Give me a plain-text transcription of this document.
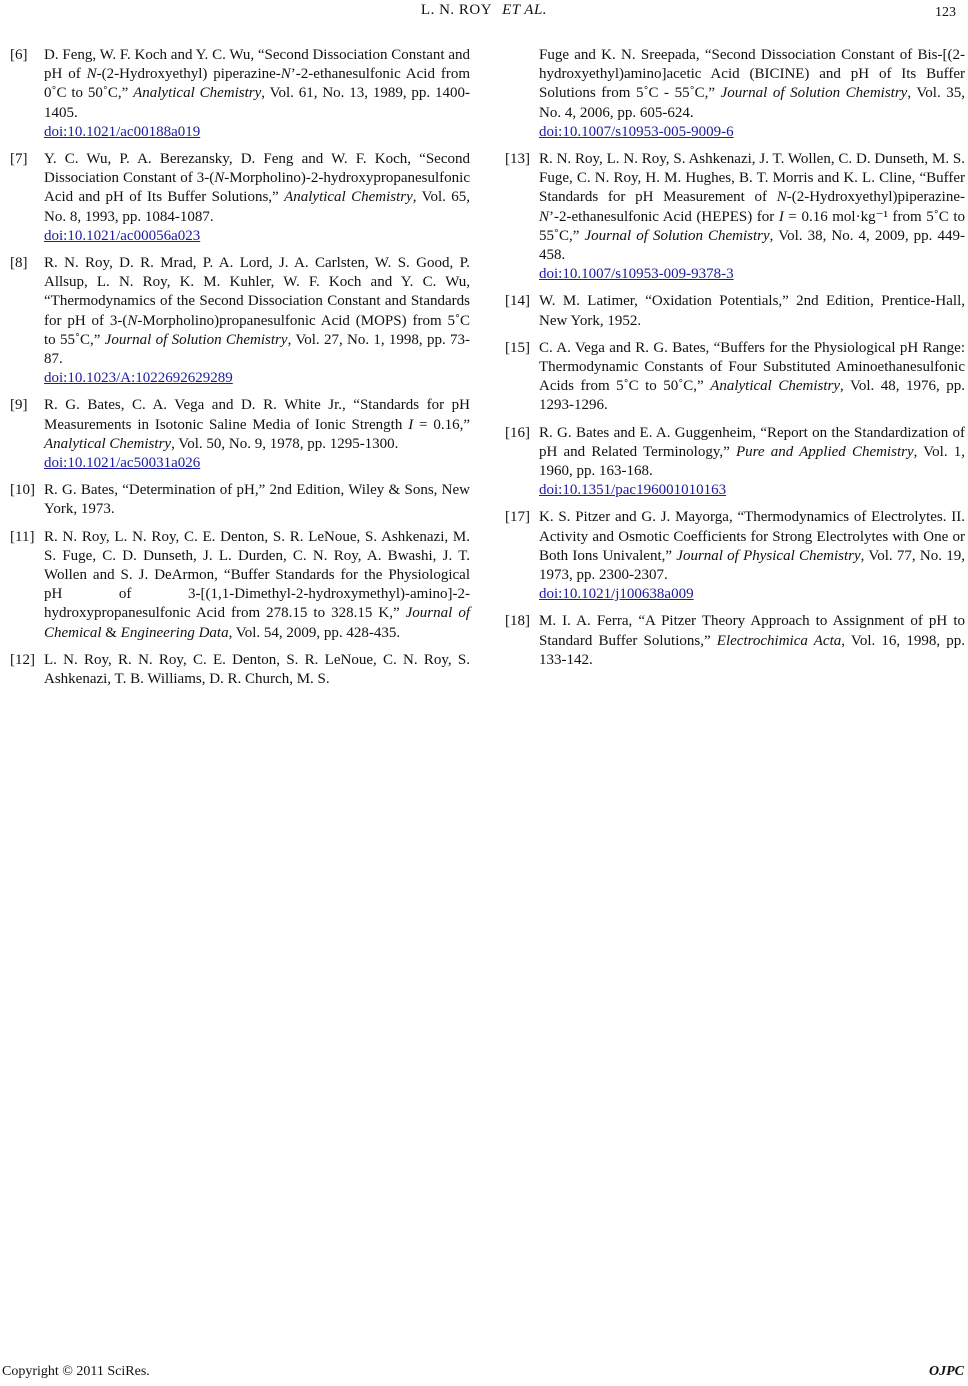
L. N. ROY ET AL.	123
[6]	D. Feng, W. F. Koch and Y. C. Wu, “Second Dissociation Constant and pH of N-(2-Hydroxyethyl) piperazine-N’-2-ethanesulfonic Acid from 0˚C to 50˚C,” Analytical Chemistry, Vol. 61, No. 13, 1989, pp. 1400-1405.
doi:10.1021/ac00188a019
[7]	Y. C. Wu, P. A. Berezansky, D. Feng and W. F. Koch, “Second Dissociation Constant of 3-(N-Morpholino)-2-hydroxypropanesulfonic Acid and pH of Its Buffer Solutions,” Analytical Chemistry, Vol. 65, No. 8, 1993, pp. 1084-1087.
doi:10.1021/ac00056a023
[8]	R. N. Roy, D. R. Mrad, P. A. Lord, J. A. Carlsten, W. S. Good, P. Allsup, L. N. Roy, K. M. Kuhler, W. F. Koch and Y. C. Wu, “Thermodynamics of the Second Dissociation Constant and Standards for pH of 3-(N-Morpholino)propanesulfonic Acid (MOPS) from 5˚C to 55˚C,” Journal of Solution Chemistry, Vol. 27, No. 1, 1998, pp. 73-87.
doi:10.1023/A:1022692629289
[9]	R. G. Bates, C. A. Vega and D. R. White Jr., “Standards for pH Measurements in Isotonic Saline Media of Ionic Strength I = 0.16,” Analytical Chemistry, Vol. 50, No. 9, 1978, pp. 1295-1300.
doi:10.1021/ac50031a026
[10] R. G. Bates, “Determination of pH,” 2nd Edition, Wiley & Sons, New York, 1973.
[11] R. N. Roy, L. N. Roy, C. E. Denton, S. R. LeNoue, S. Ashkenazi, M. S. Fuge, C. D. Dunseth, J. L. Durden, C. N. Roy, A. Bwashi, J. T. Wollen and S. J. DeArmon, “Buffer Standards for the Physiological pH of 3-[(1,1-Dimethyl-2-hydroxymethyl)-amino]-2-hydroxypropanesulfonic Acid from 278.15 to 328.15 K,” Journal of Chemical & Engineering Data, Vol. 54, 2009, pp. 428-435.
[12] L. N. Roy, R. N. Roy, C. E. Denton, S. R. LeNoue, C. N. Roy, S. Ashkenazi, T. B. Williams, D. R. Church, M. S.
Fuge and K. N. Sreepada, “Second Dissociation Constant of Bis-[(2-hydroxyethyl)amino]acetic Acid (BICINE) and pH of Its Buffer Solutions from 5˚C - 55˚C,” Journal of Solution Chemistry, Vol. 35, No. 4, 2006, pp. 605-624.
doi:10.1007/s10953-005-9009-6
[13] R. N. Roy, L. N. Roy, S. Ashkenazi, J. T. Wollen, C. D. Dunseth, M. S. Fuge, C. N. Roy, H. M. Hughes, B. T. Morris and K. L. Cline, “Buffer Standards for pH Measurement of N-(2-Hydroxyethyl)piperazine-N’-2-ethanesulfonic Acid (HEPES) for I = 0.16 mol·kg⁻¹ from 5˚C to 55˚C,” Journal of Solution Chemistry, Vol. 38, No. 4, 2009, pp. 449-458.
doi:10.1007/s10953-009-9378-3
[14] W. M. Latimer, “Oxidation Potentials,” 2nd Edition, Prentice-Hall, New York, 1952.
[15] C. A. Vega and R. G. Bates, “Buffers for the Physiological pH Range: Thermodynamic Constants of Four Substituted Aminoethanesulfonic Acids from 5˚C to 50˚C,” Analytical Chemistry, Vol. 48, 1976, pp. 1293-1296.
[16] R. G. Bates and E. A. Guggenheim, “Report on the Standardization of pH and Related Terminology,” Pure and Applied Chemistry, Vol. 1, 1960, pp. 163-168.
doi:10.1351/pac196001010163
[17] K. S. Pitzer and G. J. Mayorga, “Thermodynamics of Electrolytes. II. Activity and Osmotic Coefficients for Strong Electrolytes with One or Both Ions Univalent,” Journal of Physical Chemistry, Vol. 77, No. 19, 1973, pp. 2300-2307.
doi:10.1021/j100638a009
[18] M. I. A. Ferra, “A Pitzer Theory Approach to Assignment of pH to Standard Buffer Solutions,” Electrochimica Acta, Vol. 16, 1998, pp. 133-142.
Copyright © 2011 SciRes.	OJPC
